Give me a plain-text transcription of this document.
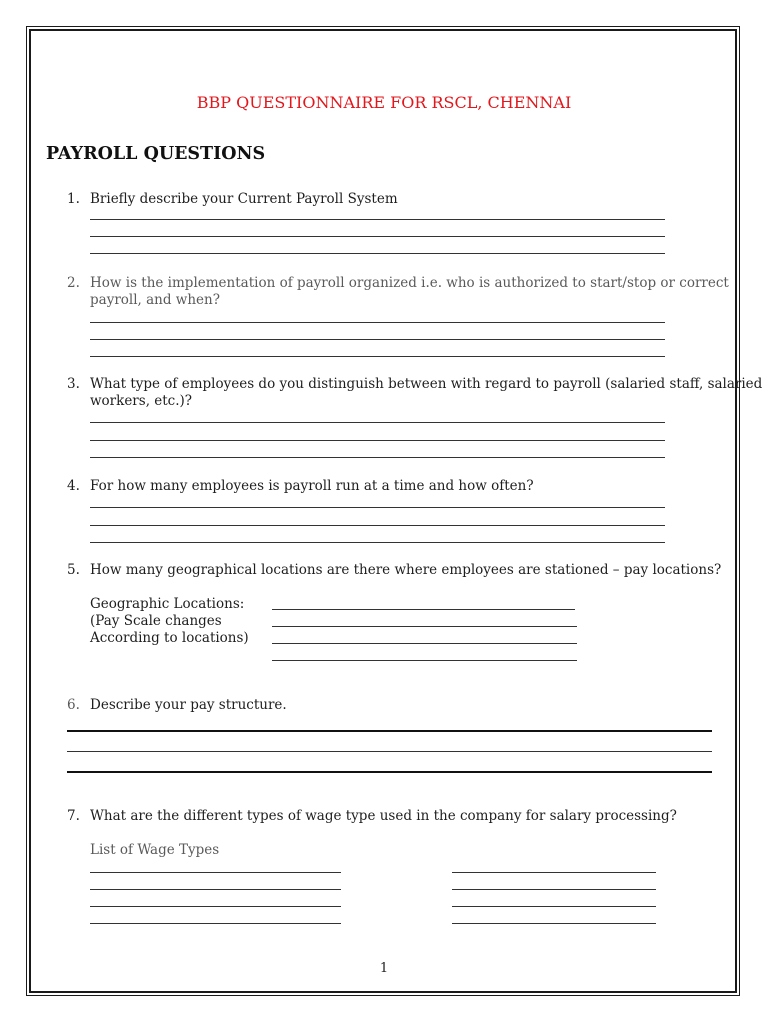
BBP QUESTIONNAIRE FOR RSCL, CHENNAI
PAYROLL QUESTIONS
1. Briefly describe your Current Payroll System
2. How is the implementation of payroll organized i.e. who is authorized to start/stop or correct
payroll, and when?
3. What type of employees do you distinguish between with regard to payroll (salaried staff, salaried
workers, etc.)?
4. For how many employees is payroll run at a time and how often?
5. How many geographical locations are there where employees are stationed – pay locations?
Geographic Locations:
(Pay Scale changes
According to locations)
6. Describe your pay structure.
7. What are the different types of wage type used in the company for salary processing?
List of Wage Types
1
